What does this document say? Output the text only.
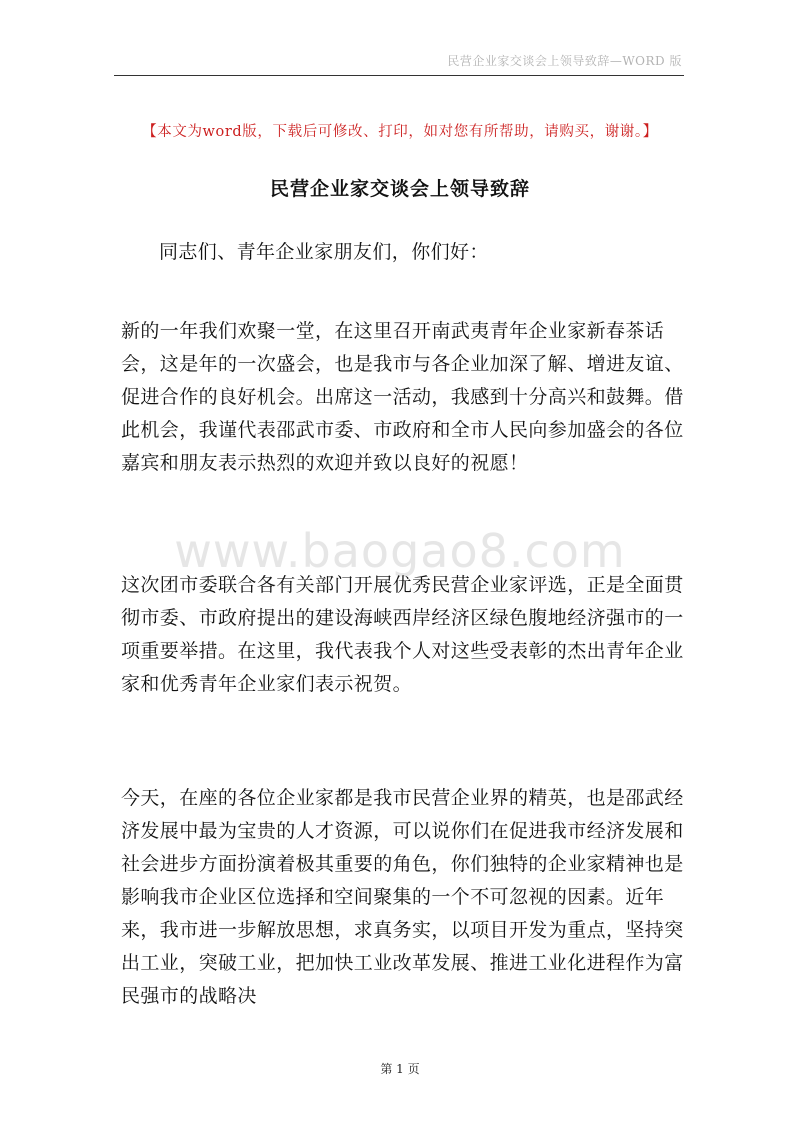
民营企业家交谈会上领导致辞—WORD 版
【本文为word版，下载后可修改、打印，如对您有所帮助，请购买，谢谢。】
民营企业家交谈会上领导致辞

同志们、青年企业家朋友们，你们好：

新的一年我们欢聚一堂，在这里召开南武夷青年企业家新春茶话会，这是年的一次盛会，也是我市与各企业加深了解、增进友谊、促进合作的良好机会。出席这一活动，我感到十分高兴和鼓舞。借此机会，我谨代表邵武市委、市政府和全市人民向参加盛会的各位嘉宾和朋友表示热烈的欢迎并致以良好的祝愿！

www.baogao8.com

这次团市委联合各有关部门开展优秀民营企业家评选，正是全面贯彻市委、市政府提出的建设海峡西岸经济区绿色腹地经济强市的一项重要举措。在这里，我代表我个人对这些受表彰的杰出青年企业家和优秀青年企业家们表示祝贺。

今天，在座的各位企业家都是我市民营企业界的精英，也是邵武经济发展中最为宝贵的人才资源，可以说你们在促进我市经济发展和社会进步方面扮演着极其重要的角色，你们独特的企业家精神也是影响我市企业区位选择和空间聚集的一个不可忽视的因素。近年来，我市进一步解放思想，求真务实，以项目开发为重点，坚持突出工业，突破工业，把加快工业改革发展、推进工业化进程作为富民强市的战略决

第 1 页
